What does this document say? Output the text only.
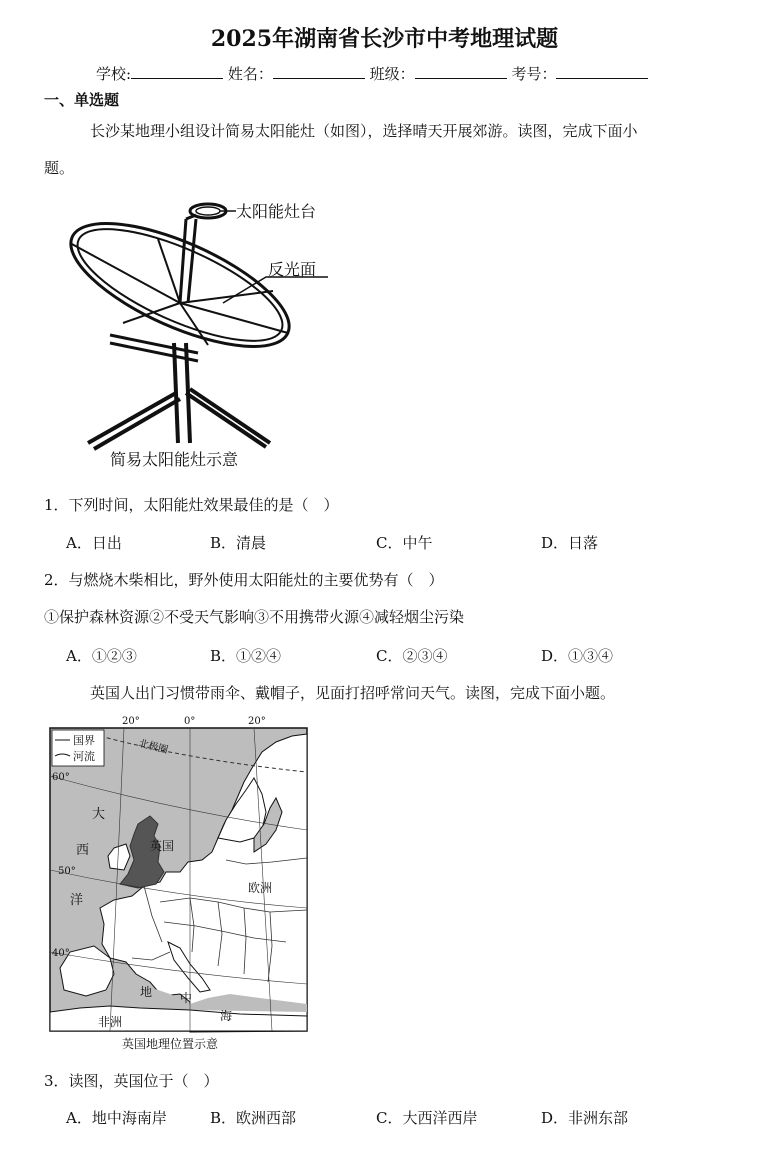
2025年湖南省长沙市中考地理试题
学校:	姓名：	班级：	考号：
一、单选题
长沙某地理小组设计简易太阳能灶（如图），选择晴天开展郊游。读图，完成下面小
题。
太阳能灶台
反光面
简易太阳能灶示意
1．下列时间，太阳能灶效果最佳的是（　）
A．日出	B．清晨	C．中午	D．日落
2．与燃烧木柴相比，野外使用太阳能灶的主要优势有（　）
①保护森林资源②不受天气影响③不用携带火源④减轻烟尘污染
A．①②③	B．①②④	C．②③④	D．①③④
英国人出门习惯带雨伞、戴帽子，见面打招呼常问天气。读图，完成下面小题。
20°	0°	20°
国界
河流
60°
50°
40°
北极圈
大
西
洋
英国
欧洲
地 中
海
非洲
英国地理位置示意
3．读图，英国位于（　）
A．地中海南岸	B．欧洲西部	C．大西洋西岸	D．非洲东部
